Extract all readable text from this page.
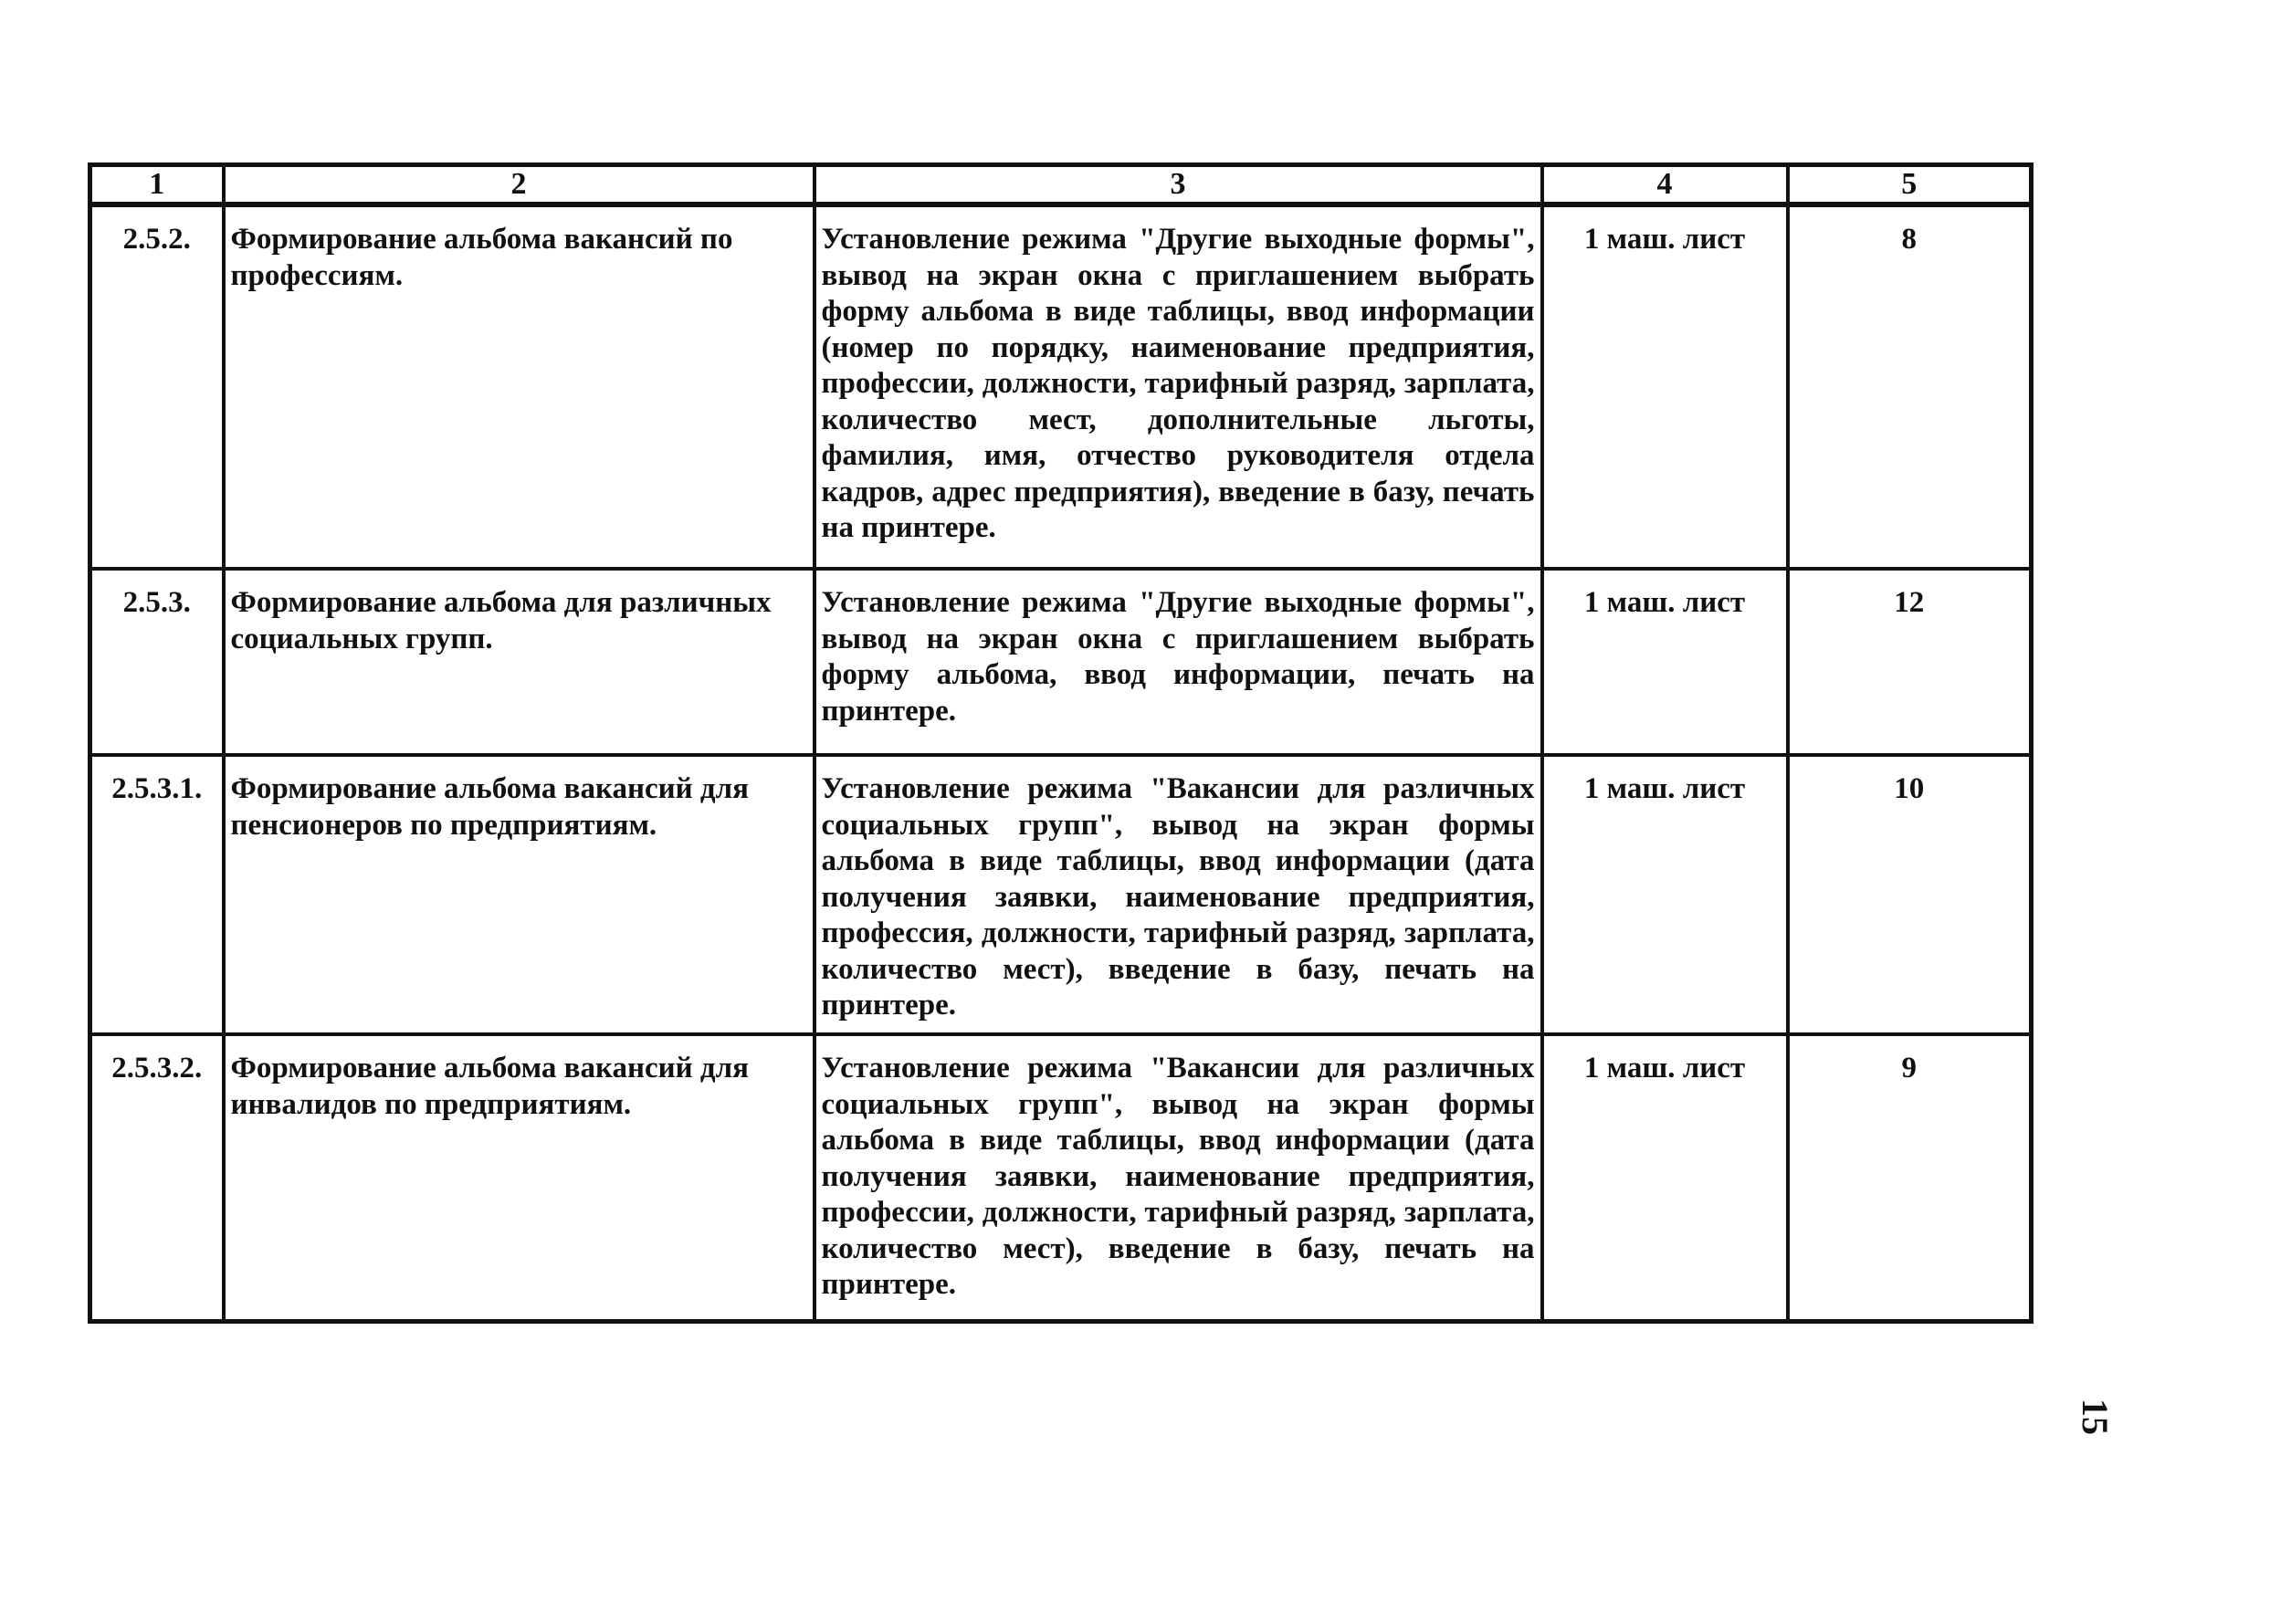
1	2	3	4	5
2.5.2.	Формирование альбома вакансий по профессиям.	Установление режима "Другие выходные формы", вывод на экран окна с приглашением выбрать форму альбома в виде таблицы, ввод информации (номер по порядку, наименование предприятия, профессии, должности, тарифный разряд, зарплата, количество мест, дополнительные льготы, фамилия, имя, отчество руководителя отдела кадров, адрес предприятия), введение в базу, печать на принтере.	1 маш. лист	8
2.5.3.	Формирование альбома для различных социальных групп.	Установление режима "Другие выходные формы", вывод на экран окна с приглашением выбрать форму альбома, ввод информации, печать на принтере.	1 маш. лист	12
2.5.3.1.	Формирование альбома вакансий для пенсионеров по предприятиям.	Установление режима "Вакансии для различных социальных групп", вывод на экран формы альбома в виде таблицы, ввод информации (дата получения заявки, наименование предприятия, профессия, должности, тарифный разряд, зарплата, количество мест), введение в базу, печать на принтере.	1 маш. лист	10
2.5.3.2.	Формирование альбома вакансий для инвалидов по предприятиям.	Установление режима "Вакансии для различных социальных групп", вывод на экран формы альбома в виде таблицы, ввод информации (дата получения заявки, наименование предприятия, профессии, должности, тарифный разряд, зарплата, количество мест), введение в базу, печать на принтере.	1 маш. лист	9
15
